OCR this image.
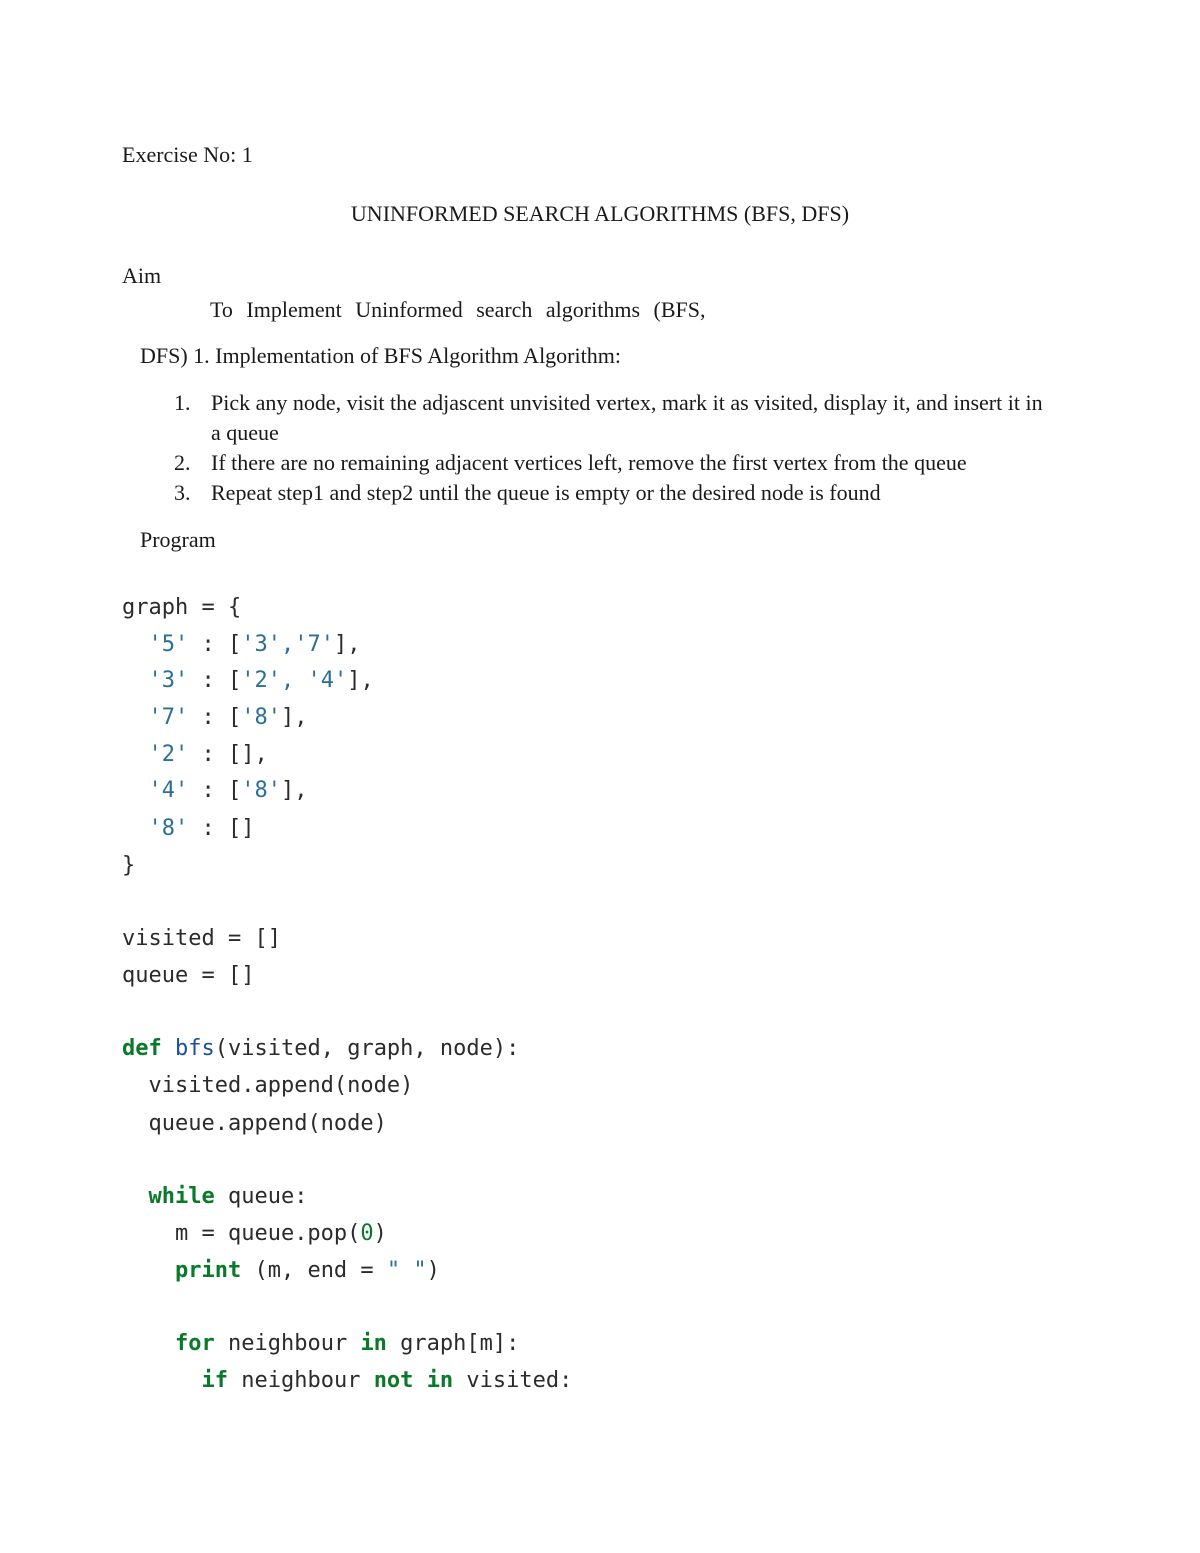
Exercise No: 1
UNINFORMED SEARCH ALGORITHMS (BFS, DFS)
Aim
To Implement Uninformed search algorithms (BFS,
DFS) 1. Implementation of BFS Algorithm Algorithm:
1. Pick any node, visit the adjascent unvisited vertex, mark it as visited, display it, and insert it in a queue
2. If there are no remaining adjacent vertices left, remove the first vertex from the queue
3. Repeat step1 and step2 until the queue is empty or the desired node is found
Program
graph = {
'5' : ['3','7'],
'3' : ['2', '4'],
'7' : ['8'],
'2' : [],
'4' : ['8'],
'8' : []
}
visited = []
queue = []
def bfs(visited, graph, node):
visited.append(node)
queue.append(node)
while queue:
m = queue.pop(0)
print (m, end = " ")
for neighbour in graph[m]:
if neighbour not in visited:
